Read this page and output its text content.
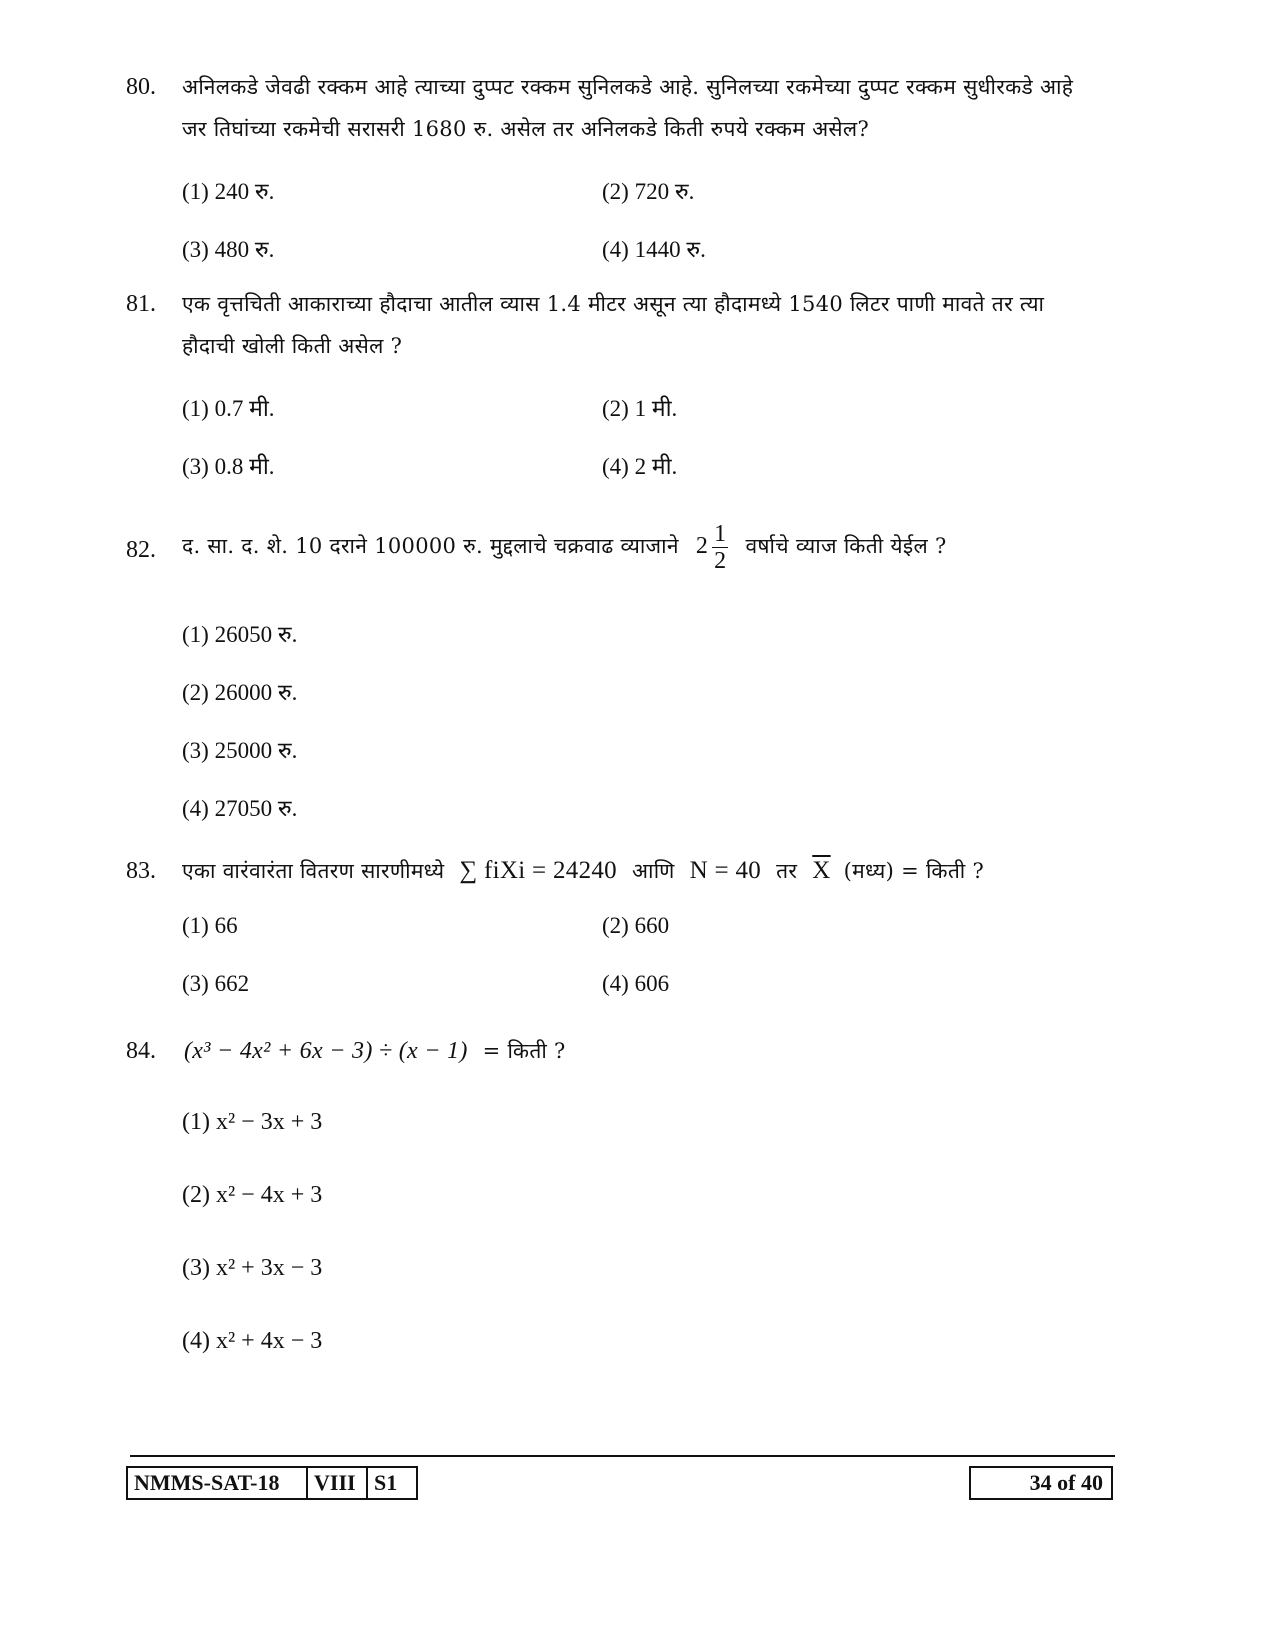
80. अनिलकडे जेवढी रक्कम आहे त्याच्या दुप्पट रक्कम सुनिलकडे आहे. सुनिलच्या रकमेच्या दुप्पट रक्कम सुधीरकडे आहे
जर तिघांच्या रकमेची सरासरी 1680 रु. असेल तर अनिलकडे किती रुपये रक्कम असेल?
(1) 240 रु.	(2) 720 रु.
(3) 480 रु.	(4) 1440 रु.
81. एक वृत्तचिती आकाराच्या हौदाचा आतील व्यास 1.4 मीटर असून त्या हौदामध्ये 1540 लिटर पाणी मावते तर त्या
हौदाची खोली किती असेल ?
(1) 0.7 मी.	(2) 1 मी.
(3) 0.8 मी.	(4) 2 मी.
82. द. सा. द. शे. 10 दराने 100000 रु. मुद्दलाचे चक्रवाढ व्याजाने $2 \frac{1}{2}$ वर्षाचे व्याज किती येईल ?
(1) 26050 रु.
(2) 26000 रु.
(3) 25000 रु.
(4) 27050 रु.
83. एका वारंवारंता वितरण सारणीमध्ये ∑ fiXi = 24240 आणि N = 40 तर $\overline{X}$ (मध्य) = किती ?
(1) 66	(2) 660
(3) 662	(4) 606
84. (x³ − 4x² + 6x − 3) ÷ (x − 1) = किती ?
(1) x² − 3x + 3
(2) x² − 4x + 3
(3) x² + 3x − 3
(4) x² + 4x − 3
NMMS-SAT-18 VIII S1	34 of 40
